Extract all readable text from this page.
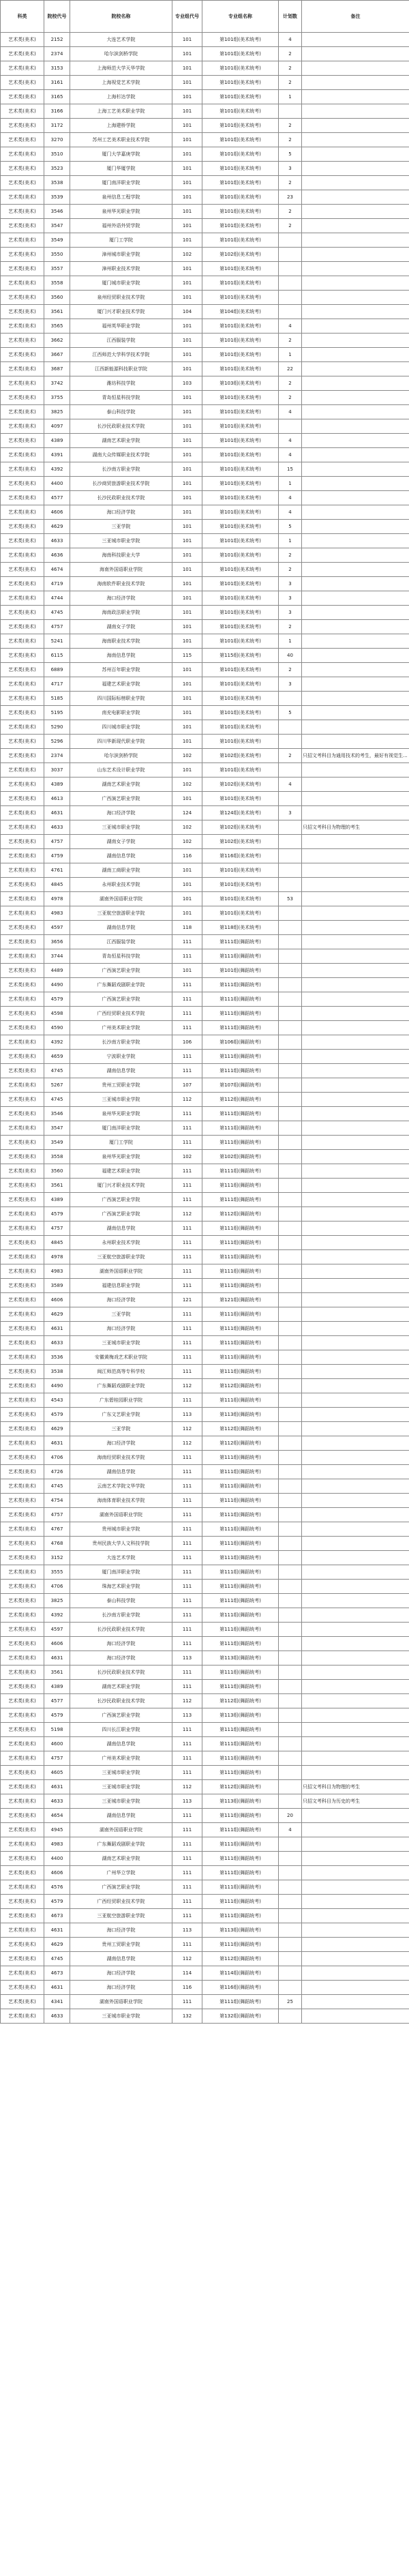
科类	院校代号	院校名称	专业组代号	专业组名称	计划数	备注
艺术类(美术)	2152	大连艺术学院	101	第101组(美术统考)	4	
艺术类(美术)	2374	哈尔滨剑桥学院	101	第101组(美术统考)	2	
艺术类(美术)	3153	上海师范大学天华学院	101	第101组(美术统考)	2	
艺术类(美术)	3161	上海视觉艺术学院	101	第101组(美术统考)	2	
艺术类(美术)	3165	上海杉达学院	101	第101组(美术统考)	1	
艺术类(美术)	3166	上海工艺美术职业学院	101	第101组(美术统考)		
艺术类(美术)	3172	上海建桥学院	101	第101组(美术统考)	2	
艺术类(美术)	3270	苏州工艺美术职业技术学院	101	第101组(美术统考)	2	
艺术类(美术)	3510	厦门大学嘉庚学院	101	第101组(美术统考)	5	
艺术类(美术)	3523	厦门华厦学院	101	第101组(美术统考)	3	
艺术类(美术)	3538	厦门南洋职业学院	101	第101组(美术统考)	2	
艺术类(美术)	3539	泉州信息工程学院	101	第101组(美术统考)	23	
艺术类(美术)	3546	泉州华光职业学院	101	第101组(美术统考)	2	
艺术类(美术)	3547	福州外语外贸学院	101	第101组(美术统考)	2	
艺术类(美术)	3549	厦门工学院	101	第101组(美术统考)		
艺术类(美术)	3550	漳州城市职业学院	102	第102组(美术统考)		
艺术类(美术)	3557	漳州职业技术学院	101	第101组(美术统考)		
艺术类(美术)	3558	厦门城市职业学院	101	第101组(美术统考)		
艺术类(美术)	3560	泉州经贸职业技术学院	101	第101组(美术统考)		
艺术类(美术)	3561	厦门兴才职业技术学院	104	第104组(美术统考)		
艺术类(美术)	3565	福州英华职业学院	101	第101组(美术统考)	4	
艺术类(美术)	3662	江西服装学院	101	第101组(美术统考)	2	
艺术类(美术)	3667	江西师范大学科学技术学院	101	第101组(美术统考)	1	
艺术类(美术)	3687	江西新能源科技职业学院	101	第101组(美术统考)	22	
艺术类(美术)	3742	潍坊科技学院	103	第103组(美术统考)	2	
艺术类(美术)	3755	青岛恒星科技学院	101	第101组(美术统考)	2	
艺术类(美术)	3825	泰山科技学院	101	第101组(美术统考)	4	
艺术类(美术)	4097	长沙民政职业技术学院	101	第101组(美术统考)		
艺术类(美术)	4389	湖南艺术职业学院	101	第101组(美术统考)	4	
艺术类(美术)	4391	湖南大众传媒职业技术学院	101	第101组(美术统考)	4	
艺术类(美术)	4392	长沙南方职业学院	101	第101组(美术统考)	15	
艺术类(美术)	4400	长沙商贸旅游职业技术学院	101	第101组(美术统考)	1	
艺术类(美术)	4577	长沙民政职业技术学院	101	第101组(美术统考)	4	
艺术类(美术)	4606	海口经济学院	101	第101组(美术统考)	4	
艺术类(美术)	4629	三亚学院	101	第101组(美术统考)	5	
艺术类(美术)	4633	三亚城市职业学院	101	第101组(美术统考)	1	
艺术类(美术)	4636	海南科技职业大学	101	第101组(美术统考)	2	
艺术类(美术)	4674	海南外国语职业学院	101	第101组(美术统考)	2	
艺术类(美术)	4719	海南软件职业技术学院	101	第101组(美术统考)	3	
艺术类(美术)	4744	海口经济学院	101	第101组(美术统考)	3	
艺术类(美术)	4745	海南政法职业学院	101	第101组(美术统考)	3	
艺术类(美术)	4757	湖南女子学院	101	第101组(美术统考)	2	
艺术类(美术)	5241	海南职业技术学院	101	第101组(美术统考)	1	
艺术类(美术)	6115	海南信息学院	115	第115组(美术统考)	40	
艺术类(美术)	6889	苏州百年职业学院	101	第101组(美术统考)	2	
艺术类(美术)	4717	福建艺术职业学院	101	第101组(美术统考)	3	
艺术类(美术)	5185	四川国际标榜职业学院	101	第101组(美术统考)		
艺术类(美术)	5195	南充电影职业学院	101	第101组(美术统考)	5	
艺术类(美术)	5290	四川城市职业学院	101	第101组(美术统考)		
艺术类(美术)	5296	四川华新现代职业学院	101	第101组(美术统考)		
艺术类(美术)	2374	哈尔滨剑桥学院	102	第102组(美术统考)	2	只招文考科目为通用技术的考生，最好有视觉生...
艺术类(美术)	3037	山东艺术设计职业学院	101	第101组(美术统考)		
艺术类(美术)	4389	湖南艺术职业学院	102	第102组(美术统考)	4	
艺术类(美术)	4613	广西演艺职业学院	101	第101组(美术统考)		
艺术类(美术)	4631	海口经济学院	124	第124组(美术统考)	3	
艺术类(美术)	4633	三亚城市职业学院	102	第102组(美术统考)		只招文考科目为物理的考生
艺术类(美术)	4757	湖南女子学院	102	第102组(美术统考)		
艺术类(美术)	4759	湖南信息学院	116	第116组(美术统考)		
艺术类(美术)	4761	湖南工商职业学院	101	第101组(美术统考)		
艺术类(美术)	4845	永州职业技术学院	101	第101组(美术统考)		
艺术类(美术)	4978	湖南外国语职业学院	101	第101组(美术统考)	53	
艺术类(美术)	4983	三亚航空旅游职业学院	101	第101组(美术统考)		
艺术类(美术)	4597	湖南信息学院	118	第118组(美术统考)		
艺术类(美术)	3656	江西服装学院	111	第111组(舞蹈统考)		
艺术类(美术)	3744	青岛恒星科技学院	111	第111组(舞蹈统考)		
艺术类(美术)	4489	广西演艺职业学院	101	第101组(舞蹈统考)		
艺术类(美术)	4490	广东舞蹈戏剧职业学院	111	第111组(舞蹈统考)		
艺术类(美术)	4579	广西演艺职业学院	111	第111组(舞蹈统考)		
艺术类(美术)	4598	广西经贸职业技术学院	111	第111组(舞蹈统考)		
艺术类(美术)	4590	广州美术职业学院	111	第111组(舞蹈统考)		
艺术类(美术)	4392	长沙南方职业学院	106	第106组(舞蹈统考)		
艺术类(美术)	4659	宁波职业学院	111	第111组(舞蹈统考)		
艺术类(美术)	4745	湖南信息学院	111	第111组(舞蹈统考)		
艺术类(美术)	5267	贵州工贸职业学院	107	第107组(舞蹈统考)		
艺术类(美术)	4745	三亚城市职业学院	112	第112组(舞蹈统考)		
艺术类(美术)	3546	泉州华光职业学院	111	第111组(舞蹈统考)		
艺术类(美术)	3547	厦门南洋职业学院	111	第111组(舞蹈统考)		
艺术类(美术)	3549	厦门工学院	111	第111组(舞蹈统考)		
艺术类(美术)	3558	泉州华光职业学院	102	第102组(舞蹈统考)		
艺术类(美术)	3560	福建艺术职业学院	111	第111组(舞蹈统考)		
艺术类(美术)	3561	厦门兴才职业技术学院	111	第111组(舞蹈统考)		
艺术类(美术)	4389	广西演艺职业学院	111	第111组(舞蹈统考)		
艺术类(美术)	4579	广西演艺职业学院	112	第112组(舞蹈统考)		
艺术类(美术)	4757	湖南信息学院	111	第111组(舞蹈统考)		
艺术类(美术)	4845	永州职业技术学院	111	第111组(舞蹈统考)		
艺术类(美术)	4978	三亚航空旅游职业学院	111	第111组(舞蹈统考)		
艺术类(美术)	4983	湖南外国语职业学院	111	第111组(舞蹈统考)		
艺术类(美术)	3589	福建信息职业学院	111	第111组(舞蹈统考)		
艺术类(美术)	4606	海口经济学院	121	第121组(舞蹈统考)		
艺术类(美术)	4629	三亚学院	111	第111组(舞蹈统考)		
艺术类(美术)	4631	海口经济学院	111	第111组(舞蹈统考)		
艺术类(美术)	4633	三亚城市职业学院	111	第111组(舞蹈统考)		
艺术类(美术)	3536	安徽黄梅戏艺术职业学院	111	第111组(舞蹈统考)		
艺术类(美术)	3538	闽江师范高等专科学校	111	第111组(舞蹈统考)		
艺术类(美术)	4490	广东舞蹈戏剧职业学院	112	第112组(舞蹈统考)		
艺术类(美术)	4543	广东碧桂园职业学院	111	第111组(舞蹈统考)		
艺术类(美术)	4579	广东文艺职业学院	113	第113组(舞蹈统考)		
艺术类(美术)	4629	三亚学院	112	第112组(舞蹈统考)		
艺术类(美术)	4631	海口经济学院	112	第112组(舞蹈统考)		
艺术类(美术)	4706	海南经贸职业技术学院	111	第111组(舞蹈统考)		
艺术类(美术)	4726	湖南信息学院	111	第111组(舞蹈统考)		
艺术类(美术)	4745	云南艺术学院文华学院	111	第111组(舞蹈统考)		
艺术类(美术)	4754	海南体育职业技术学院	111	第111组(舞蹈统考)		
艺术类(美术)	4757	湖南外国语职业学院	111	第111组(舞蹈统考)		
艺术类(美术)	4767	贵州城市职业学院	111	第111组(舞蹈统考)		
艺术类(美术)	4768	贵州民族大学人文科技学院	111	第111组(舞蹈统考)		
艺术类(美术)	3152	大连艺术学院	111	第111组(舞蹈统考)		
艺术类(美术)	3555	厦门南洋职业学院	111	第111组(舞蹈统考)		
艺术类(美术)	4706	珠海艺术职业学院	111	第111组(舞蹈统考)		
艺术类(美术)	3825	泰山科技学院	111	第111组(舞蹈统考)		
艺术类(美术)	4392	长沙南方职业学院	111	第111组(舞蹈统考)		
艺术类(美术)	4597	长沙民政职业技术学院	111	第111组(舞蹈统考)		
艺术类(美术)	4606	海口经济学院	111	第111组(舞蹈统考)		
艺术类(美术)	4631	海口经济学院	113	第113组(舞蹈统考)		
艺术类(美术)	3561	长沙民政职业技术学院	111	第111组(舞蹈统考)		
艺术类(美术)	4389	湖南艺术职业学院	111	第111组(舞蹈统考)		
艺术类(美术)	4577	长沙民政职业技术学院	112	第112组(舞蹈统考)		
艺术类(美术)	4579	广西演艺职业学院	113	第113组(舞蹈统考)		
艺术类(美术)	5198	四川长江职业学院	111	第111组(舞蹈统考)		
艺术类(美术)	4600	湖南信息学院	111	第111组(舞蹈统考)		
艺术类(美术)	4757	广州美术职业学院	111	第111组(舞蹈统考)		
艺术类(美术)	4605	三亚城市职业学院	111	第111组(舞蹈统考)		
艺术类(美术)	4631	三亚城市职业学院	112	第112组(舞蹈统考)		只招文考科目为物理的考生
艺术类(美术)	4633	三亚城市职业学院	113	第113组(舞蹈统考)		只招文考科目为历史的考生
艺术类(美术)	4654	湖南信息学院	111	第111组(舞蹈统考)	20	
艺术类(美术)	4945	湖南外国语职业学院	111	第111组(舞蹈统考)	4	
艺术类(美术)	4983	广东舞蹈戏剧职业学院	111	第111组(舞蹈统考)		
艺术类(美术)	4400	湖南艺术职业学院	111	第111组(舞蹈统考)		
艺术类(美术)	4606	广州华立学院	111	第111组(舞蹈统考)		
艺术类(美术)	4576	广西演艺职业学院	111	第111组(舞蹈统考)		
艺术类(美术)	4579	广西经贸职业技术学院	111	第111组(舞蹈统考)		
艺术类(美术)	4673	三亚航空旅游职业学院	111	第111组(舞蹈统考)		
艺术类(美术)	4631	海口经济学院	113	第113组(舞蹈统考)		
艺术类(美术)	4629	贵州工贸职业学院	111	第111组(舞蹈统考)		
艺术类(美术)	4745	湖南信息学院	112	第112组(舞蹈统考)		
艺术类(美术)	4673	海口经济学院	114	第114组(舞蹈统考)		
艺术类(美术)	4631	海口经济学院	116	第116组(舞蹈统考)		
艺术类(美术)	4341	湖南外国语职业学院	111	第111组(舞蹈统考)	25	
艺术类(美术)	4633	三亚城市职业学院	132	第132组(舞蹈统考)		
